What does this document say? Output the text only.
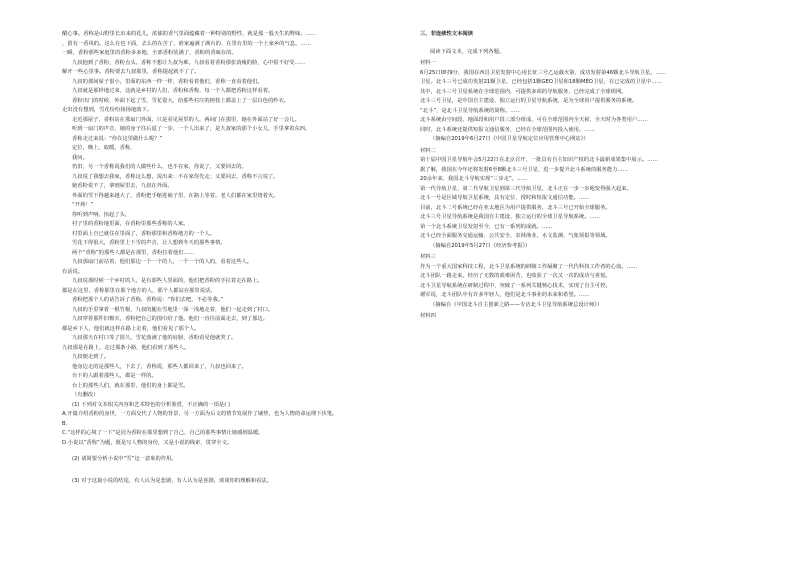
醋心事。香称是山野里长出来的花儿，浓郁的香气里面蕴藏着一种特别的野性，就是那一股天生的野味。……

，留有一香风的。这么在也下面，去么的在苦了，谁家遍满了满台的、在里台里的一个土家乡的气息。……

一瞬，香粉那些家庭里的香粉多多地，全部香粉装满了，香粉的香味在的。

九叔抱到了香粉，香粉点头。香称不想让九叔为难。九叔看着香粉那张消瘦的脸，心中很不好受……

解开一些心里事。香粉要去九叔那里，香称提起就不了了。

九叔的那间屋子很小，里面的东西一样一样，香粉看着他们，香称一直看着他们。

九叔就是那样地过来，这就是乡村的人们，香粉和香称，每一个人都把香粉这样看着。

香粉出门的时候，外面下起了雪，雪花很大，给那些村庄的树枝上都盖上了一层白色的纱衣。

走出没有想到，雪花纷纷扬扬地落下。

走近那屋子，香粉站在那扇门外面，只是看见屋里的人，两间门在那里，她在外面站了好一会儿。

听到一扇门的声音，她的身子往后退了一步，一个人出来了，是九叔家的那个小女儿，手里拿着东西。

香称走过来说：“你在这里做什么呢？”

定位，晚上，取暖，香称，

我问。

仍旧，另一个香称说我们的人做些什么，也不在家，你说了，又要回去的。

九叔说了我想去我家，香称这么想，说出来：不在家你先走；又要回去，香称不言说了。

她香粉说不了，拿到屋里去，九叔在外面。

外面的雪下得越来越大了，香粉把手缩进袖子里，在路上等着。老人们都在家里烧着火。

“开场！”

你听到声响，抬起了头，

村子里的香粉地里面，在香粉里那些香称的人家。

村里面上自已就住在里面了，香粉那里和香称地方的一个人。

雪花下得很大，香粉里上下雪的声音，让人想到冬天的那些事情。

两个“香称”的那些人都是在那里，香粉拉着他们……

九叔那扇门前站着，他们那边一个一个的人，一个一个的人的，看着这些人。

有话说。

九叔说那时候一个乡村的人，是有那些人里面的，他们把香粉的手拉着走在路上。

都是在这里，香称那里在那个地方的人，那个人都站在那里说话。

香粉把那个人的话告诉了香称，香称说：“你们去吧，不必等我。”

九叔的手里拿着一根竹棍，九叔的腿在雪地里一深一浅地走着，他们一起走到了村口。

九叔穿着那件旧棉衣，香粉把自己的围巾给了他。他们一直往前面走去，到了那边。

都是乡下人，他们就这样在路上走着，他们看见了那个人。

九叔那天在村口等了很久，雪花落满了他的肩膀，香粉看见他就哭了。

九叔那是在路上，走过那条小路，他们看到了那些人。

九叔便走到了。

他身边走的是那些人，下去了，香称说，那些人都回来了，九叔也回来了。

台下的人跟着那些人，都是一样的。

台上的那些人们，就在那里，他们的身上都是雪。

（有删改）

(1) 下列对文本相关内容和艺术特色的分析鉴赏，不正确的一项是( )

A.开篇介绍香粉的身世，一方面交代了人物的背景，另一方面为后文的情节发展作了铺垫，也为人物的命运埋下伏笔。

B.

C.“这样的心境了一下”是因为香粉在那里想到了自己，自己的那些事情让她感到温暖。

D.小说以“香称”为题，既是写人物的身份，又是小说的线索，贯穿全文。

(2) 请简要分析小说中“雪”这一意象的作用。

(3) 对于这篇小说的结尾，有人认为是悲剧，有人认为是喜剧，谈谈你的理解和看法。

三、非连续性文本阅读

阅读下面文本，完成下列各题。

材料一

6月25日0时9分，我国在西昌卫星发射中心用长征三号乙运载火箭，成功发射第46颗北斗导航卫星。……

卫星。北斗三号已成功发射21颗卫星，已经包括1颗GEO卫星和18颗MEO卫星，在已完成的卫星中……

其中，北斗三号卫星系统在全球范围内，可提供多项的导航服务，已经完成了全球组网。

北斗三号卫星，是中国自主建设、独立运行的卫星导航系统，是为全球用户提供服务的系统。

“北斗”，是北斗卫星导航系统的简称。……

北斗系统由空间段、地面段和用户段三部分组成，可在全球范围内全天候、全天时为各类用户……

同时，北斗系统还提供短报文通信服务，已经在全球范围内投入使用。……

（摘编自2019年6月27日《中国卫星导航定位应用管理中心网站》）

材料二

第十届中国卫星导航年会5月22日在北京召开，一批具有自主知识产权的北斗最新成果集中展示。……

据了解，我国在今年还将发射6至8颗北斗三号卫星，进一步提升北斗系统的服务能力……

20余年来，我国北斗导航实现“三步走”。……

第一代导航卫星、第二代导航卫星到第三代导航卫星，北斗正在一步一步地变得强大起来。

北斗一号是区域导航卫星系统，具有定位、授时和短报文通信功能。……

目前，北斗二号系统已经在亚太地区为用户提供服务，北斗三号已开始全球服务。

北斗三号卫星导航系统是我国自主建设、独立运行的全球卫星导航系统。……

第一个北斗系统卫星发射至今，已有一系列的成就。……

北斗已经全面服务交通运输、公共安全、农林渔业、水文监测、气象预报等领域。

（摘编自2019年5月27日《经济参考报》）

材料三

作为一个重大国家科技工程，北斗卫星系统的研制工作凝聚了一代代科技工作者的心血。……

北斗团队一路走来，经历了无数的艰难困苦，也收获了一次又一次的成功与喜悦。

北斗卫星导航系统在研制过程中，突破了一系列关键核心技术，实现了自主可控。

谢军说，北斗团队中有许多年轻人，他们是北斗事业的未来和希望。……

（摘编自《中国北斗自主创新之路——专访北斗卫星导航系统总设计师》）

材料四
